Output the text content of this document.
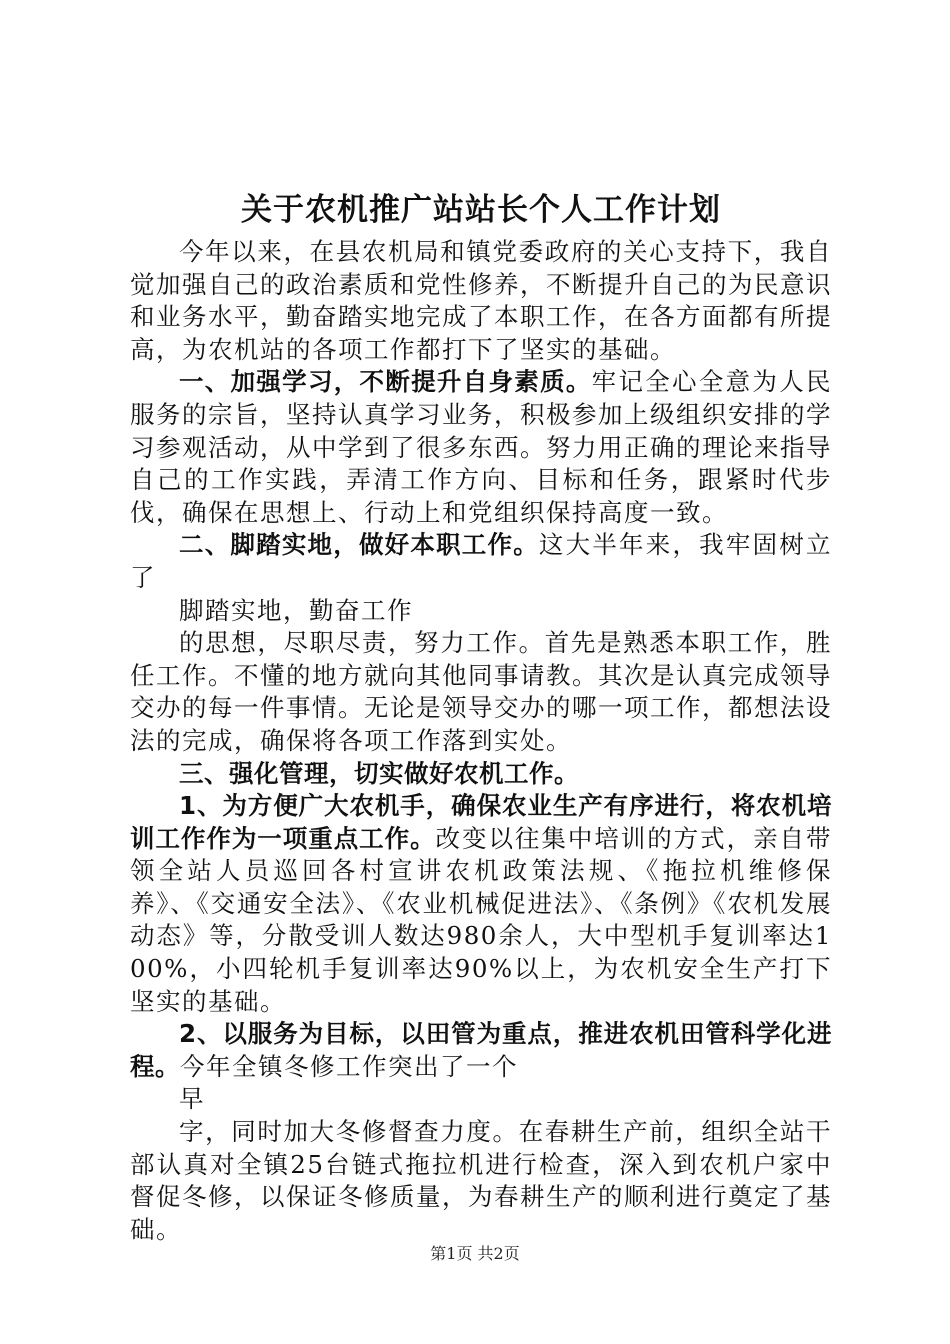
关于农机推广站站长个人工作计划

今年以来，在县农机局和镇党委政府的关心支持下，我自觉加强自己的政治素质和党性修养，不断提升自己的为民意识和业务水平，勤奋踏实地完成了本职工作，在各方面都有所提高，为农机站的各项工作都打下了坚实的基础。

一、加强学习，不断提升自身素质。牢记全心全意为人民服务的宗旨，坚持认真学习业务，积极参加上级组织安排的学习参观活动，从中学到了很多东西。努力用正确的理论来指导自己的工作实践，弄清工作方向、目标和任务，跟紧时代步伐，确保在思想上、行动上和党组织保持高度一致。

二、脚踏实地，做好本职工作。这大半年来，我牢固树立了

脚踏实地，勤奋工作

的思想，尽职尽责，努力工作。首先是熟悉本职工作，胜任工作。不懂的地方就向其他同事请教。其次是认真完成领导交办的每一件事情。无论是领导交办的哪一项工作，都想法设法的完成，确保将各项工作落到实处。

三、强化管理，切实做好农机工作。

1、为方便广大农机手，确保农业生产有序进行，将农机培训工作作为一项重点工作。改变以往集中培训的方式，亲自带领全站人员巡回各村宣讲农机政策法规、《拖拉机维修保养》、《交通安全法》、《农业机械促进法》、《条例》《农机发展动态》等，分散受训人数达980余人，大中型机手复训率达100%，小四轮机手复训率达90%以上，为农机安全生产打下坚实的基础。

2、以服务为目标，以田管为重点，推进农机田管科学化进程。今年全镇冬修工作突出了一个

早

字，同时加大冬修督查力度。在春耕生产前，组织全站干部认真对全镇25台链式拖拉机进行检查，深入到农机户家中督促冬修，以保证冬修质量，为春耕生产的顺利进行奠定了基础。

第1页 共2页
